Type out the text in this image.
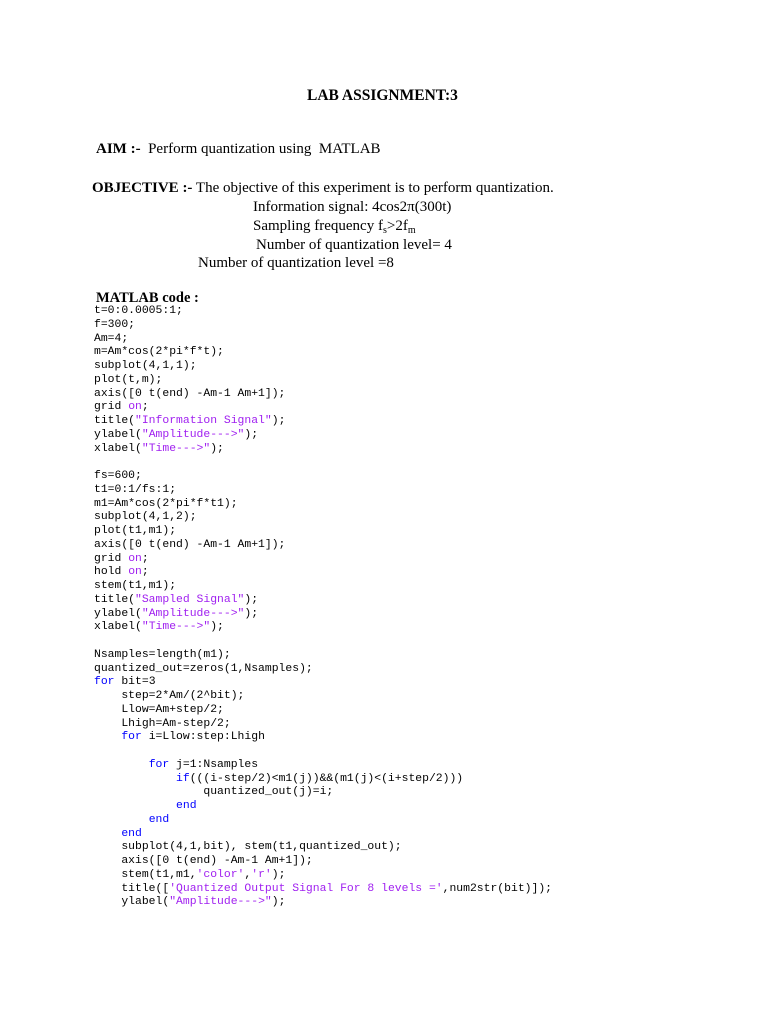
LAB ASSIGNMENT:3
AIM :-  Perform quantization using  MATLAB
OBJECTIVE :- The objective of this experiment is to perform quantization.
Information signal: 4cos2π(300t)
Sampling frequency $f_s>2f_m$
Number of quantization level= 4
Number of quantization level =8
MATLAB code :
t=0:0.0005:1;
f=300;
Am=4;
m=Am*cos(2*pi*f*t);
subplot(4,1,1);
plot(t,m);
axis([0 t(end) -Am-1 Am+1]);
grid on;
title("Information Signal");
ylabel("Amplitude--->");
xlabel("Time--->");
fs=600;
t1=0:1/fs:1;
m1=Am*cos(2*pi*f*t1);
subplot(4,1,2);
plot(t1,m1);
axis([0 t(end) -Am-1 Am+1]);
grid on;
hold on;
stem(t1,m1);
title("Sampled Signal");
ylabel("Amplitude--->");
xlabel("Time--->");
Nsamples=length(m1);
quantized_out=zeros(1,Nsamples);
for bit=3
step=2*Am/(2^bit);
Llow=Am+step/2;
Lhigh=Am-step/2;
for i=Llow:step:Lhigh
for j=1:Nsamples
if(((i-step/2)<m1(j))&&(m1(j)<(i+step/2)))
quantized_out(j)=i;
end
end
end
subplot(4,1,bit), stem(t1,quantized_out);
axis([0 t(end) -Am-1 Am+1]);
stem(t1,m1,'color','r');
title(['Quantized Output Signal For 8 levels =',num2str(bit)]);
ylabel("Amplitude--->");
